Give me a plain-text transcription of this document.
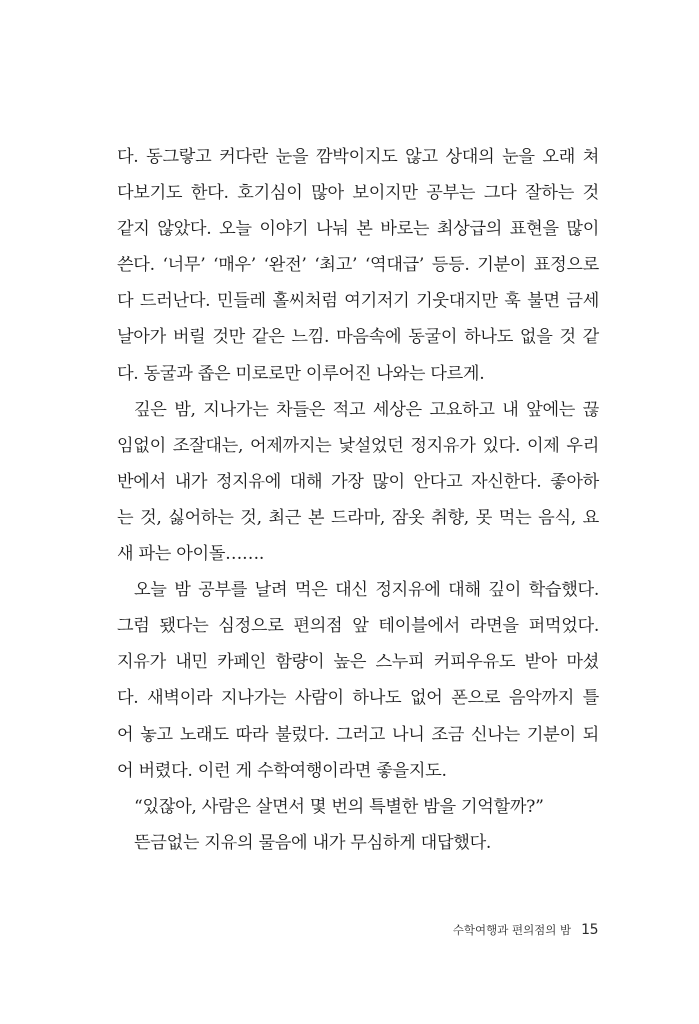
다. 동그랗고 커다란 눈을 깜박이지도 않고 상대의 눈을 오래 쳐
다보기도 한다. 호기심이 많아 보이지만 공부는 그다 잘하는 것
같지 않았다. 오늘 이야기 나눠 본 바로는 최상급의 표현을 많이
쓴다. ‘너무’ ‘매우’ ‘완전’ ‘최고’ ‘역대급’ 등등. 기분이 표정으로
다 드러난다. 민들레 홀씨처럼 여기저기 기웃대지만 훅 불면 금세
날아가 버릴 것만 같은 느낌. 마음속에 동굴이 하나도 없을 것 같
다. 동굴과 좁은 미로로만 이루어진 나와는 다르게.
깊은 밤, 지나가는 차들은 적고 세상은 고요하고 내 앞에는 끊
임없이 조잘대는, 어제까지는 낯설었던 정지유가 있다. 이제 우리
반에서 내가 정지유에 대해 가장 많이 안다고 자신한다. 좋아하
는 것, 싫어하는 것, 최근 본 드라마, 잠옷 취향, 못 먹는 음식, 요
새 파는 아이돌…….
오늘 밤 공부를 날려 먹은 대신 정지유에 대해 깊이 학습했다.
그럼 됐다는 심정으로 편의점 앞 테이블에서 라면을 퍼먹었다.
지유가 내민 카페인 함량이 높은 스누피 커피우유도 받아 마셨
다. 새벽이라 지나가는 사람이 하나도 없어 폰으로 음악까지 틀
어 놓고 노래도 따라 불렀다. 그러고 나니 조금 신나는 기분이 되
어 버렸다. 이런 게 수학여행이라면 좋을지도.
“있잖아, 사람은 살면서 몇 번의 특별한 밤을 기억할까?”
뜬금없는 지유의 물음에 내가 무심하게 대답했다.
수학여행과 편의점의 밤 15
